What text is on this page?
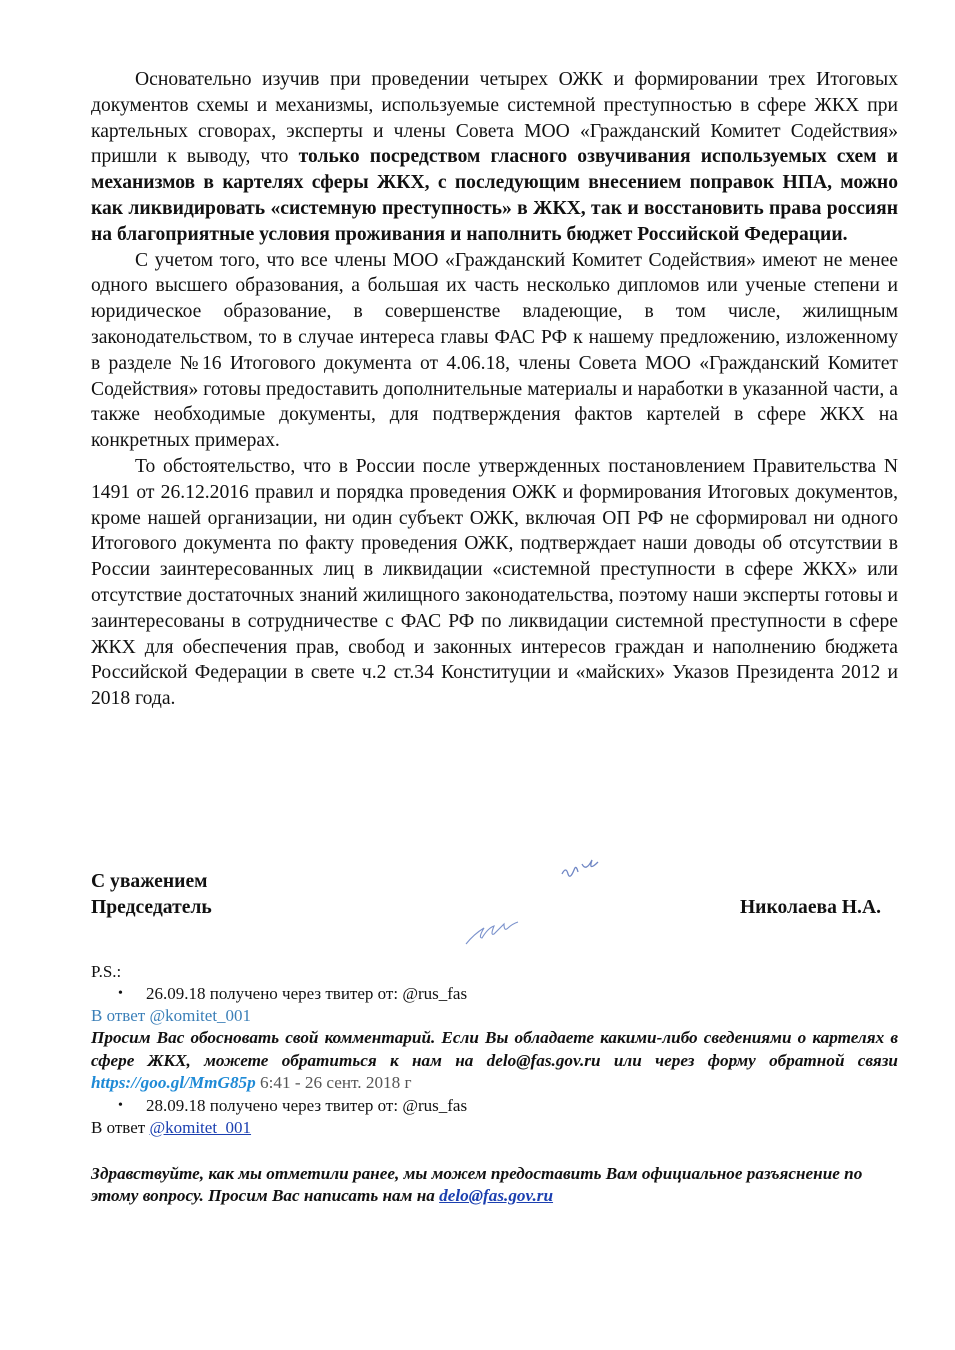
Основательно изучив при проведении четырех ОЖК и формировании трех Итоговых документов схемы и механизмы, используемые системной преступностью в сфере ЖКХ при картельных сговорах, эксперты и члены Совета МОО «Гражданский Комитет Содействия» пришли к выводу, что только посредством гласного озвучивания используемых схем и механизмов в картелях сферы ЖКХ, с последующим внесением поправок НПА, можно как ликвидировать «системную преступность» в ЖКХ, так и восстановить права россиян на благоприятные условия проживания и наполнить бюджет Российской Федерации.

С учетом того, что все члены МОО «Гражданский Комитет Содействия» имеют не менее одного высшего образования, а большая их часть несколько дипломов или ученые степени и юридическое образование, в совершенстве владеющие, в том числе, жилищным законодательством, то в случае интереса главы ФАС РФ к нашему предложению, изложенному в разделе №16 Итогового документа от 4.06.18, члены Совета МОО «Гражданский Комитет Содействия» готовы предоставить дополнительные материалы и наработки в указанной части, а также необходимые документы, для подтверждения фактов картелей в сфере ЖКХ на конкретных примерах.

То обстоятельство, что в России после утвержденных постановлением Правительства N 1491 от 26.12.2016 правил и порядка проведения ОЖК и формирования Итоговых документов, кроме нашей организации, ни один субъект ОЖК, включая ОП РФ не сформировал ни одного Итогового документа по факту проведения ОЖК, подтверждает наши доводы об отсутствии в России заинтересованных лиц в ликвидации «системной преступности в сфере ЖКХ» или отсутствие достаточных знаний жилищного законодательства, поэтому наши эксперты готовы и заинтересованы в сотрудничестве с ФАС РФ по ликвидации системной преступности в сфере ЖКХ для обеспечения прав, свобод и законных интересов граждан и наполнению бюджета Российской Федерации в свете ч.2 ст.34 Конституции и «майских» Указов Президента 2012 и 2018 года.

С уважением
Председатель	Николаева Н.А.

P.S.:

• 26.09.18 получено через твитер от: @rus_fas

В ответ @komitet_001

Просим Вас обосновать свой комментарий. Если Вы обладаете какими-либо сведениями о картелях в сфере ЖКХ, можете обратиться к нам на delo@fas.gov.ru или через форму обратной связи https://goo.gl/MmG85p 6:41 - 26 сент. 2018 г

• 28.09.18 получено через твитер от: @rus_fas

В ответ @komitet_001

Здравствуйте, как мы отметили ранее, мы можем предоставить Вам официальное разъяснение по этому вопросу. Просим Вас написать нам на delo@fas.gov.ru
